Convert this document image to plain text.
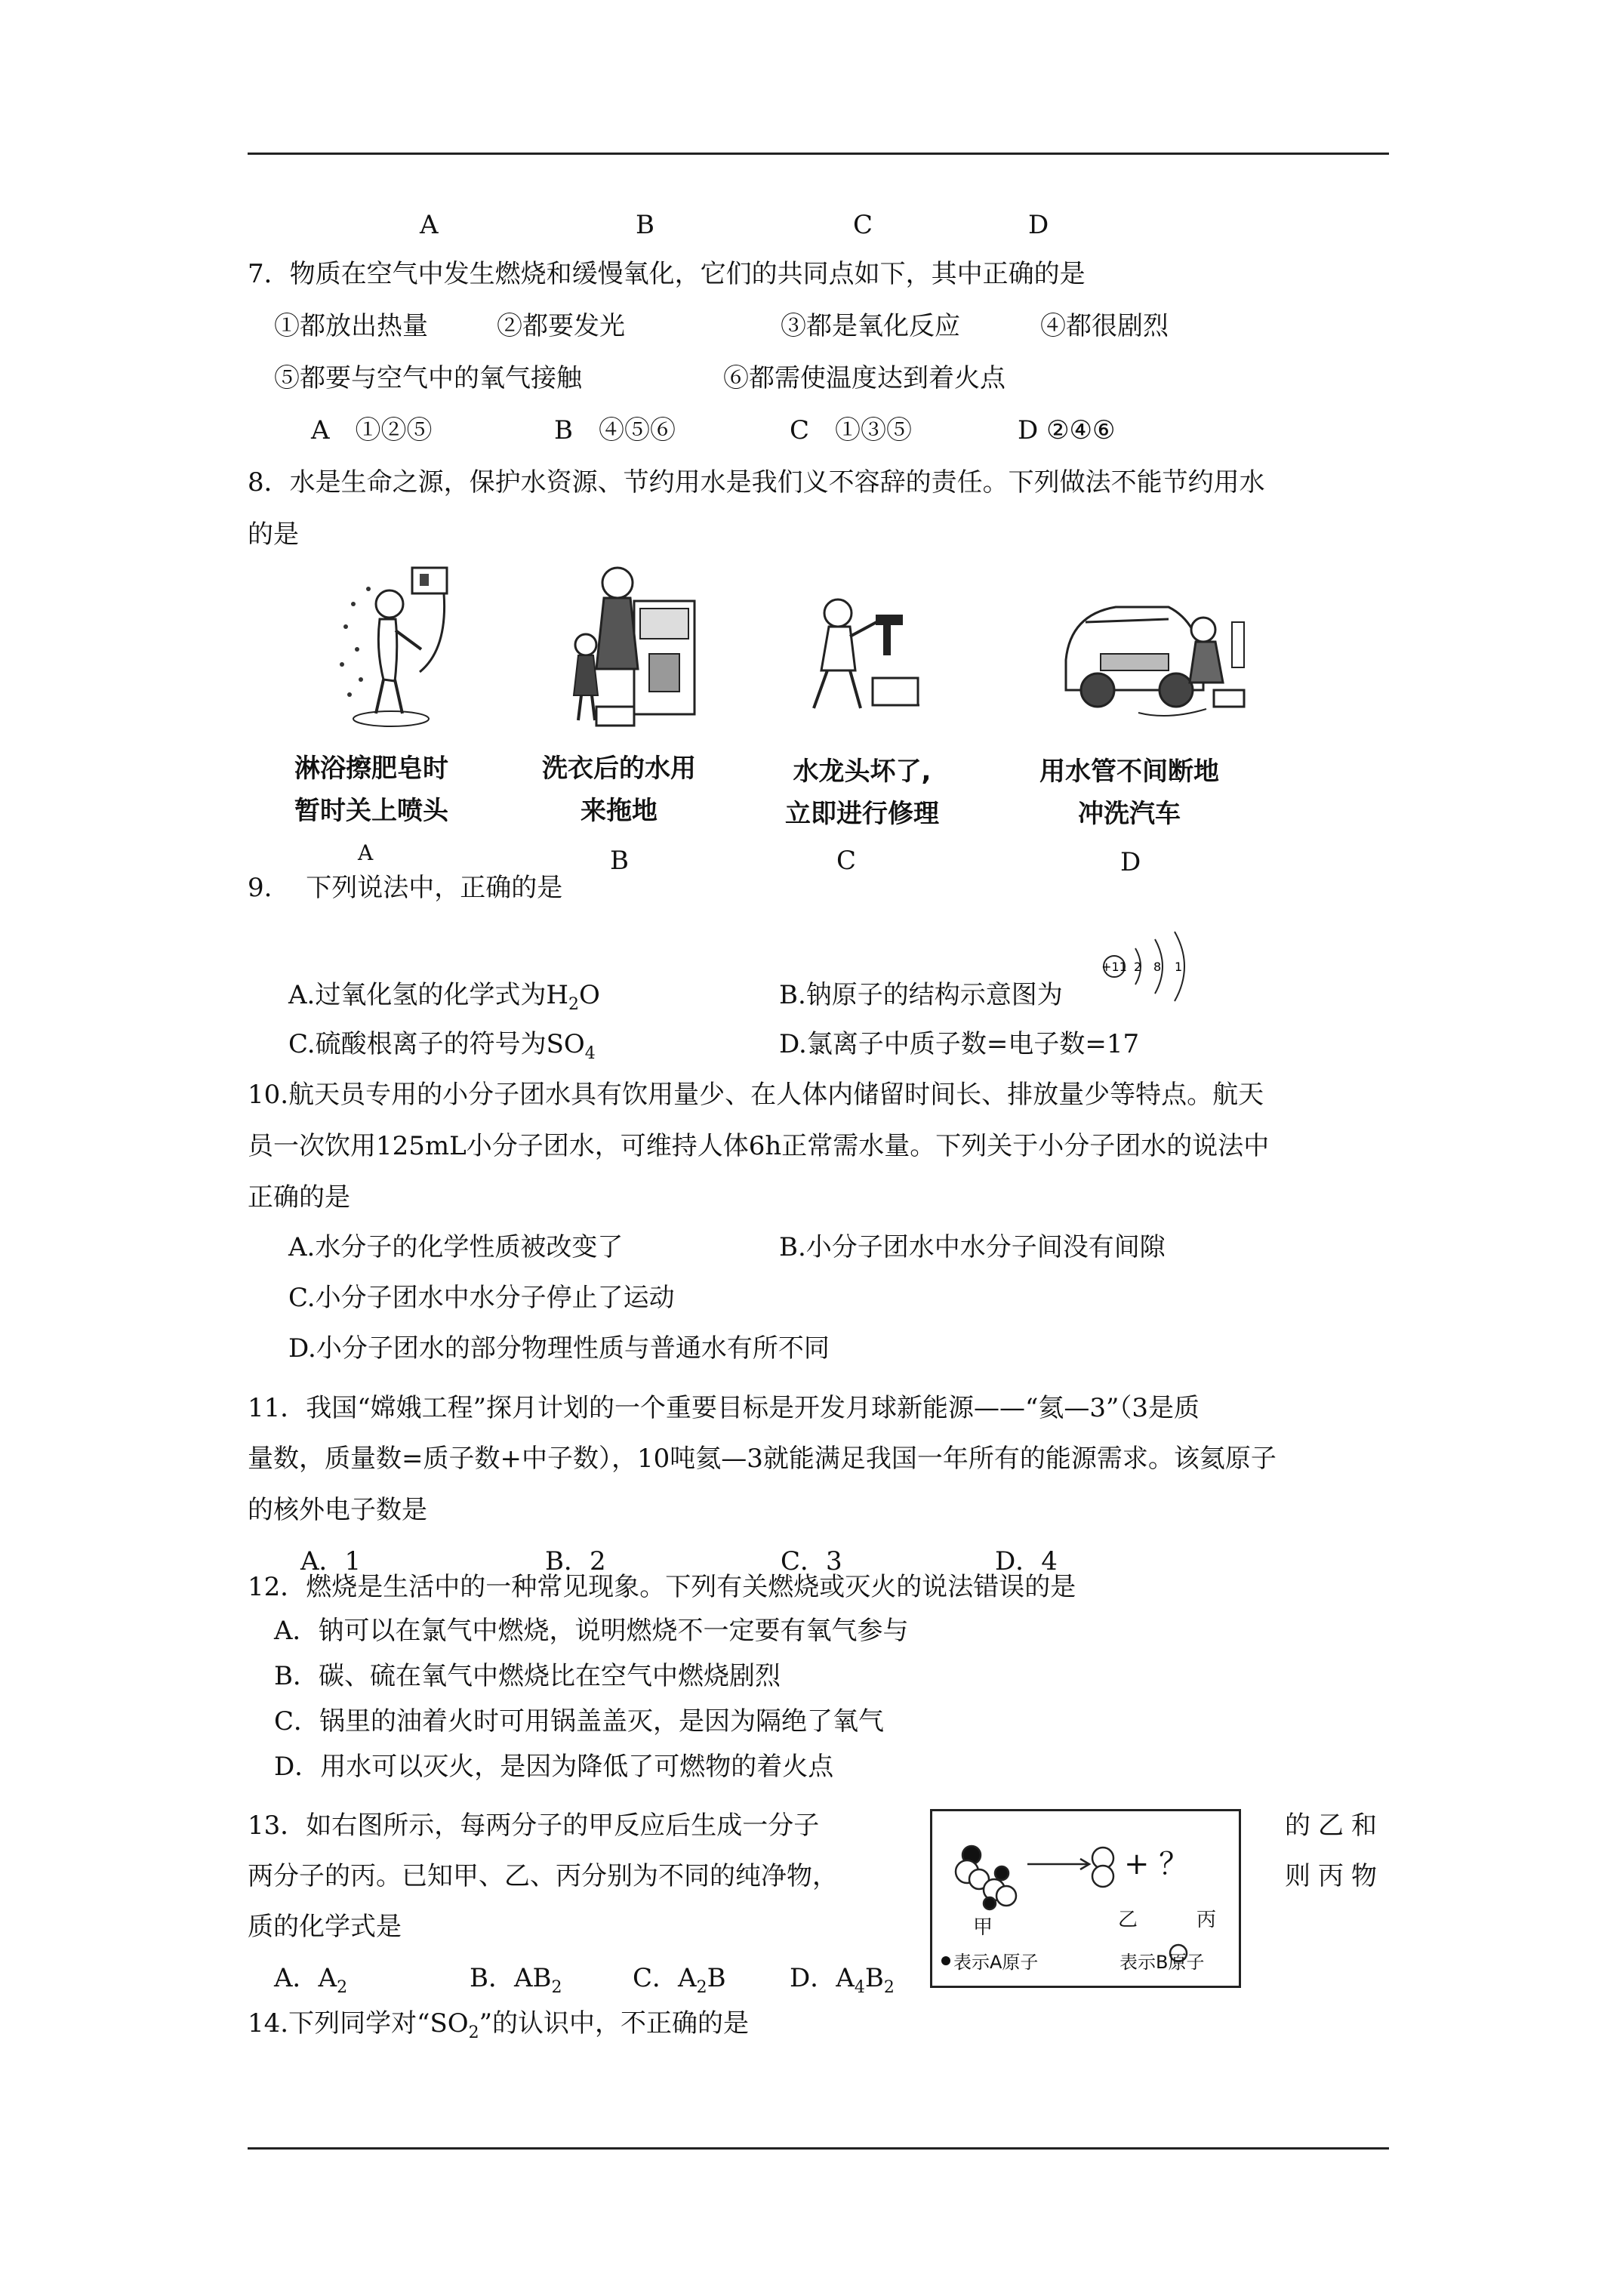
A	B	C	D
7．物质在空气中发生燃烧和缓慢氧化，它们的共同点如下，其中正确的是
①都放出热量	②都要发光	③都是氧化反应	④都很剧烈
⑤都要与空气中的氧气接触	⑥都需使温度达到着火点
A　①②⑤	B　④⑤⑥	C　①③⑤	D ②④⑥
8．水是生命之源，保护水资源、节约用水是我们义不容辞的责任。下列做法不能节约用水
的是
淋浴擦肥皂时
暂时关上喷头
A
洗衣后的水用
来拖地
B
水龙头坏了,
立即进行修理
C
用水管不间断地
冲洗汽车
D
9.　 下列说法中，正确的是
A.过氧化氢的化学式为$H_2O$	B.钠原子的结构示意图为
+11 2 8 1
C.硫酸根离子的符号为$SO_4$	D.氯离子中质子数=电子数=17
10.航天员专用的小分子团水具有饮用量少、在人体内储留时间长、排放量少等特点。航天
员一次饮用125mL小分子团水，可维持人体6h正常需水量。下列关于小分子团水的说法中
正确的是
A.水分子的化学性质被改变了	B.小分子团水中水分子间没有间隙
C.小分子团水中水分子停止了运动
D.小分子团水的部分物理性质与普通水有所不同
11．我国“嫦娥工程”探月计划的一个重要目标是开发月球新能源——“氦—3”（3是质
量数，质量数=质子数+中子数），10吨氦—3就能满足我国一年所有的能源需求。该氦原子
的核外电子数是
A．1	B．2	C．3	D．4
12．燃烧是生活中的一种常见现象。下列有关燃烧或灭火的说法错误的是
A．钠可以在氯气中燃烧，说明燃烧不一定要有氧气参与
B．碳、硫在氧气中燃烧比在空气中燃烧剧烈
C．锅里的油着火时可用锅盖盖灭，是因为隔绝了氧气
D．用水可以灭火，是因为降低了可燃物的着火点
13．如右图所示，每两分子的甲反应后生成一分子	的乙和
两分子的丙。已知甲、乙、丙分别为不同的纯净物，	则丙物
质的化学式是
A．$A_2$	B．$AB_2$	C．$A_2B$ D．$A_4B_2$
+ ？
甲	乙	丙
表示A原子	表示B原子
14.下列同学对“$SO_2$”的认识中，不正确的是
